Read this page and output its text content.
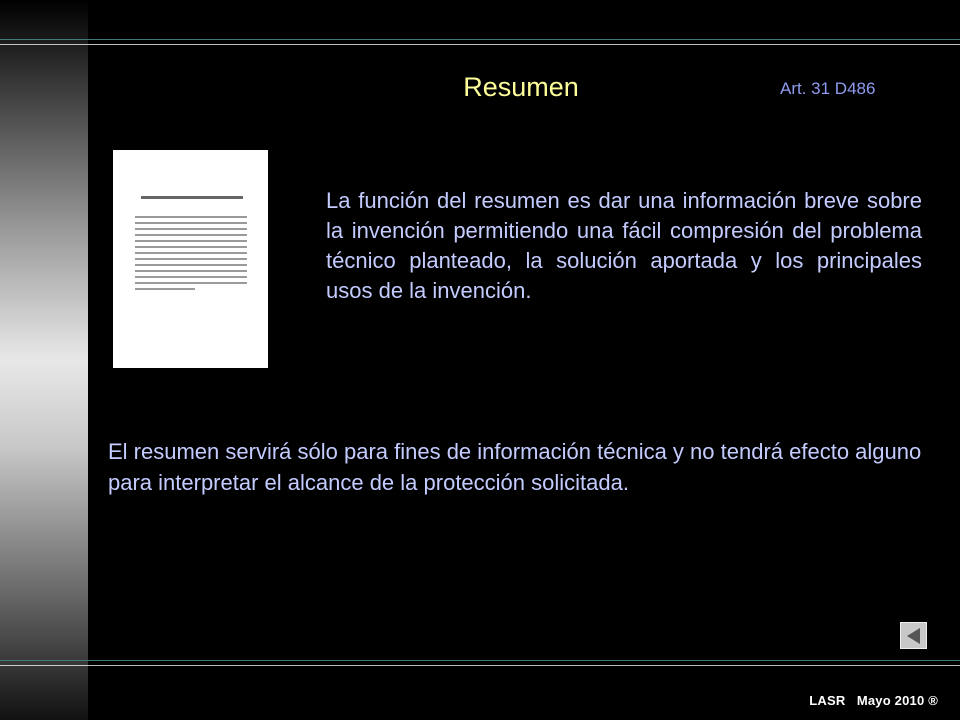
Resumen	Art. 31 D486
La función del resumen es dar una información breve sobre la invención permitiendo una fácil compresión del problema técnico planteado, la solución aportada y los principales usos de la invención.
El resumen servirá sólo para fines de información técnica y no tendrá efecto alguno para interpretar el alcance de la protección solicitada.
LASR   Mayo 2010 ®
